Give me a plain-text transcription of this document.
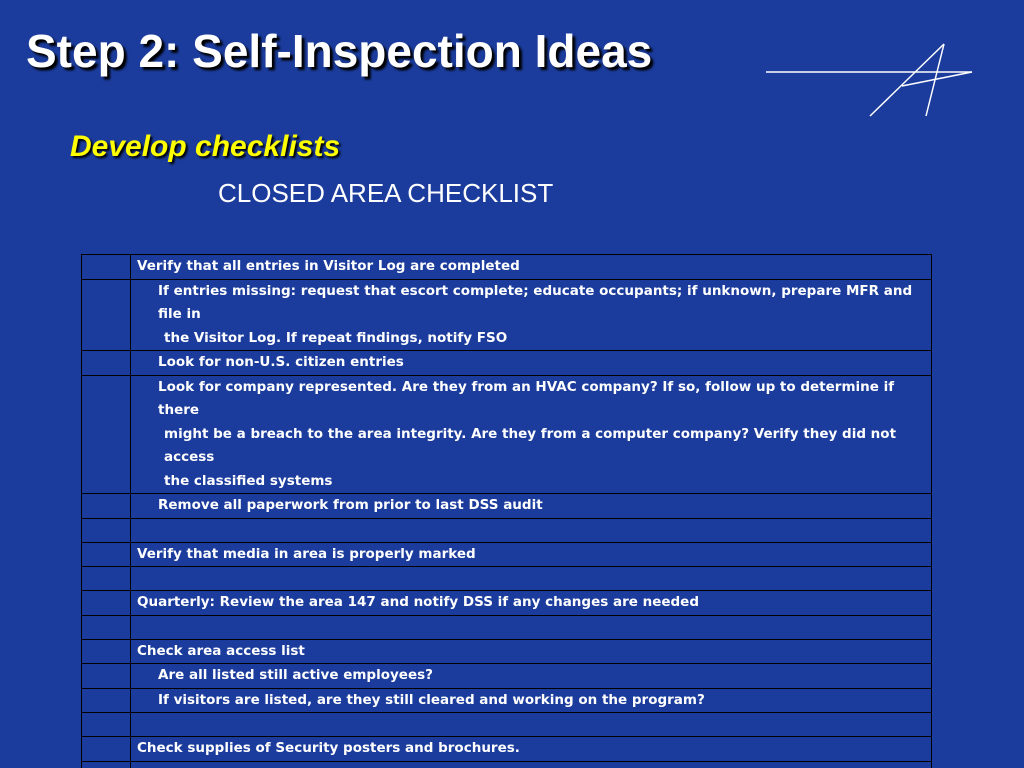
Step 2: Self-Inspection Ideas
Develop checklists
CLOSED AREA CHECKLIST

	Verify that all entries in Visitor Log are completed

	If entries missing: request that escort complete; educate occupants; if unknown, prepare MFR and file in
the Visitor Log. If repeat findings, notify FSO

	Look for non-U.S. citizen entries

	Look for company represented. Are they from an HVAC company? If so, follow up to determine if there
might be a breach to the area integrity. Are they from a computer company? Verify they did not access
the classified systems

	Remove all paperwork from prior to last DSS audit

	Verify that media in area is properly marked

	Quarterly: Review the area 147 and notify DSS if any changes are needed

	Check area access list

	Are all listed still active employees?

	If visitors are listed, are they still cleared and working on the program?

	Check supplies of Security posters and brochures.
